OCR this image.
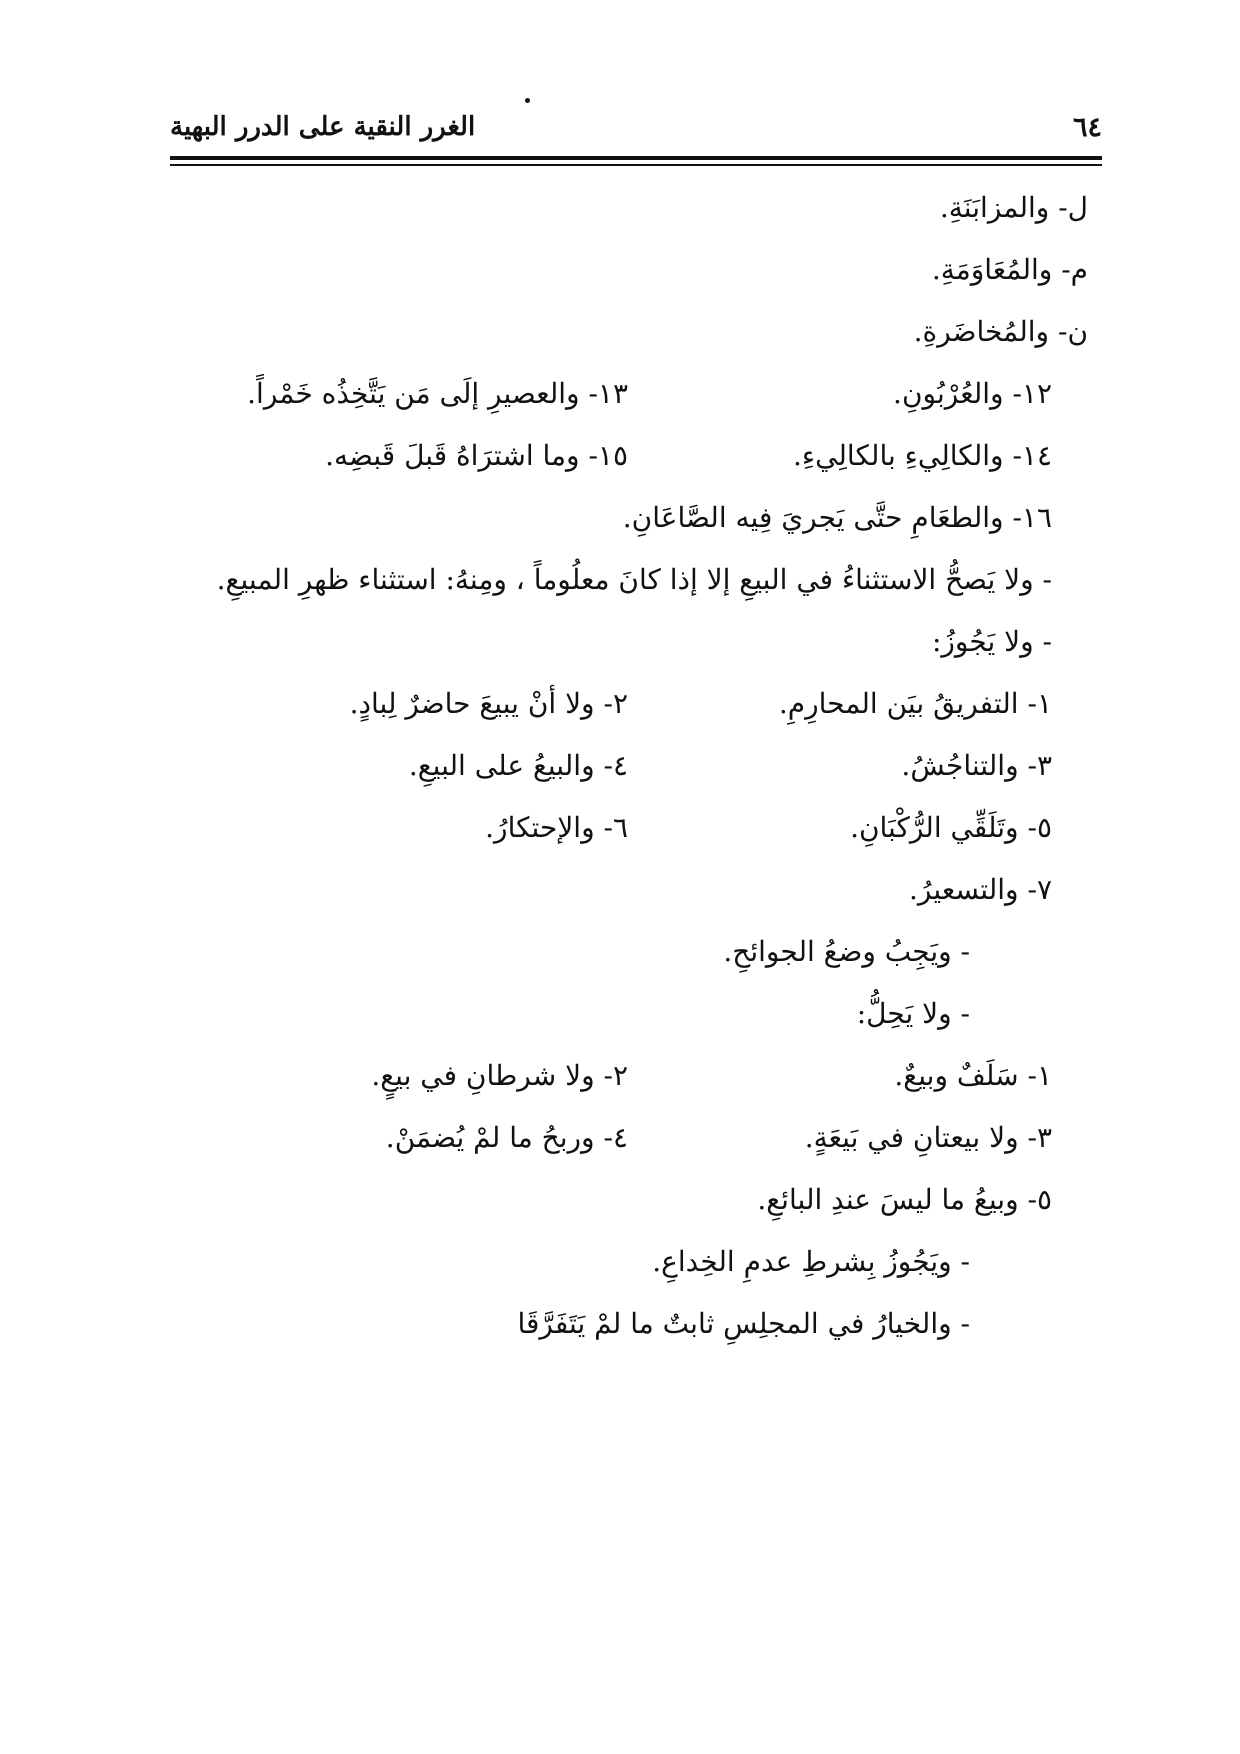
٦٤
الغرر النقية على الدرر البهية
ل- والمزابَنَةِ.
م- والمُعَاوَمَةِ.
ن- والمُخاضَرةِ.
١٢- والعُرْبُونِ.
١٣- والعصيرِ إلَى مَن يَتَّخِذُه خَمْراً.
١٤- والكالِيءِ بالكالِيءِ.
١٥- وما اشترَاهُ قَبلَ قَبضِه.
١٦- والطعَامِ حتَّى يَجريَ فِيه الصَّاعَانِ.
- ولا يَصحُّ الاستثناءُ في البيعِ إلا إذا كانَ معلُوماً ، ومِنهُ: استثناء ظهرِ المبيعِ.
- ولا يَجُوزُ:
١- التفريقُ بيَن المحارِمِ.
٢- ولا أنْ يبيعَ حاضرٌ لِبادٍ.
٣- والتناجُشُ.
٤- والبيعُ على البيعِ.
٥- وتَلَقِّي الرُّكْبَانِ.
٦- والإحتكارُ.
٧- والتسعيرُ.
- ويَجِبُ وضعُ الجوائحِ.
- ولا يَحِلُّ:
١- سَلَفٌ وبيعٌ.
٢- ولا شرطانِ في بيعٍ.
٣- ولا بيعتانِ في بَيعَةٍ.
٤- وربحُ ما لمْ يُضمَنْ.
٥- وبيعُ ما ليسَ عندِ البائعِ.
- ويَجُوزُ بِشرطِ عدمِ الخِداعِ.
- والخيارُ في المجلِسِ ثابتٌ ما لمْ يَتَفَرَّقَا
